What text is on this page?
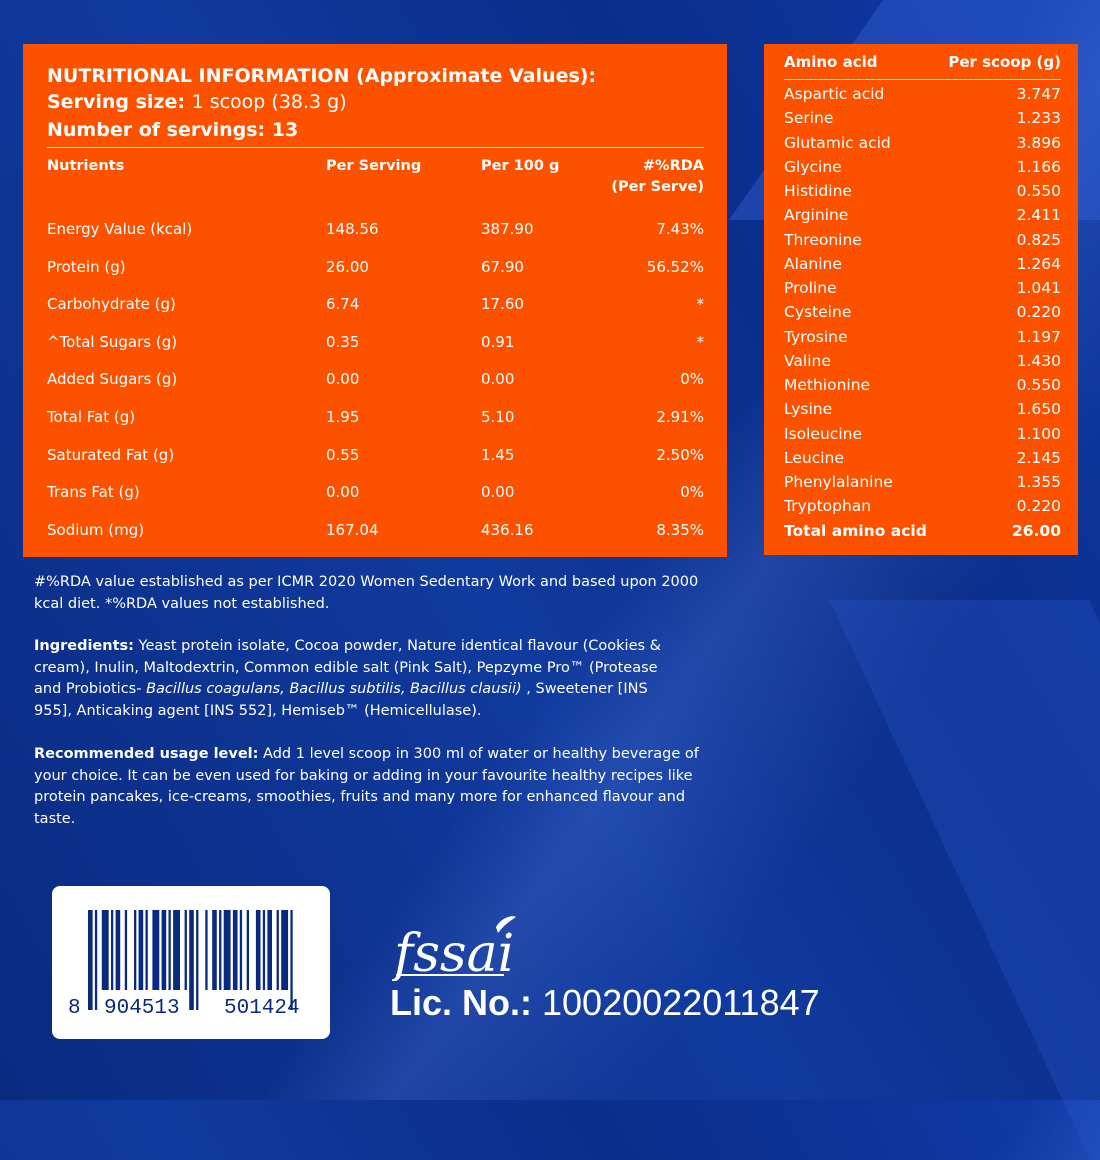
NUTRITIONAL INFORMATION (Approximate Values):
Serving size: 1 scoop (38.3 g)
Number of servings: 13
Nutrients	Per Serving	Per 100 g	#%RDA
(Per Serve)
Energy Value (kcal)	148.56	387.90	7.43%
Protein (g)	26.00	67.90	56.52%
Carbohydrate (g)	6.74	17.60	*
^Total Sugars (g)	0.35	0.91	*
Added Sugars (g)	0.00	0.00	0%
Total Fat (g)	1.95	5.10	2.91%
Saturated Fat (g)	0.55	1.45	2.50%
Trans Fat (g)	0.00	0.00	0%
Sodium (mg)	167.04	436.16	8.35%
Amino acid	Per scoop (g)
Aspartic acid	3.747
Serine	1.233
Glutamic acid	3.896
Glycine	1.166
Histidine	0.550
Arginine	2.411
Threonine	0.825
Alanine	1.264
Proline	1.041
Cysteine	0.220
Tyrosine	1.197
Valine	1.430
Methionine	0.550
Lysine	1.650
Isoleucine	1.100
Leucine	2.145
Phenylalanine	1.355
Tryptophan	0.220
Total amino acid	26.00
#%RDA value established as per ICMR 2020 Women Sedentary Work and based upon 2000
kcal diet. *%RDA values not established.
Ingredients: Yeast protein isolate, Cocoa powder, Nature identical flavour (Cookies &
cream), Inulin, Maltodextrin, Common edible salt (Pink Salt), Pepzyme Pro™ (Protease
and Probiotics- Bacillus coagulans, Bacillus subtilis, Bacillus clausii) , Sweetener [INS
955], Anticaking agent [INS 552], Hemiseb™ (Hemicellulase).
Recommended usage level: Add 1 level scoop in 300 ml of water or healthy beverage of
your choice. It can be even used for baking or adding in your favourite healthy recipes like
protein pancakes, ice-creams, smoothies, fruits and many more for enhanced flavour and
taste.
8 904513 501424
fssai
Lic. No.: 10020022011847
